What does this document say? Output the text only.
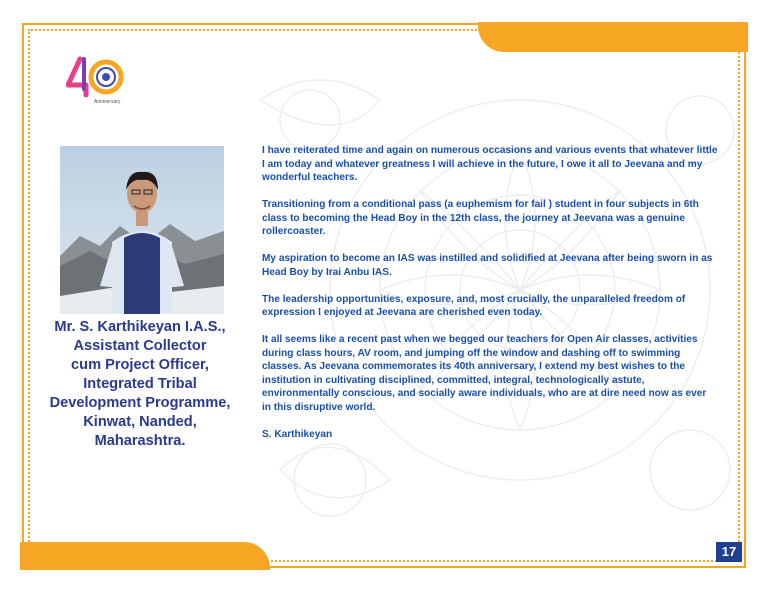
Anniversary
Mr. S. Karthikeyan I.A.S.,
Assistant Collector
cum Project Officer,
Integrated Tribal
Development Programme,
Kinwat, Nanded,
Maharashtra.

I have reiterated time and again on numerous occasions and various events that whatever little I am today and whatever greatness I will achieve in the future, I owe it all to Jeevana and my wonderful teachers.

Transitioning from a conditional pass (a euphemism for fail ) student in four subjects in 6th class to becoming the Head Boy in the 12th class, the journey at Jeevana was a genuine rollercoaster.

My aspiration to become an IAS was instilled and solidified at Jeevana after being sworn in as Head Boy by Irai Anbu IAS.

The leadership opportunities, exposure, and, most crucially, the unparalleled freedom of expression I enjoyed at Jeevana are cherished even today.

It all seems like a recent past when we begged our teachers for Open Air classes, activities during class hours, AV room, and jumping off the window and dashing off to swimming classes. As Jeevana commemorates its 40th anniversary, I extend my best wishes to the institution in cultivating disciplined, committed, integral, technologically astute, environmentally conscious, and socially aware individuals, who are at dire need now as ever in this disruptive world.

S. Karthikeyan

17
